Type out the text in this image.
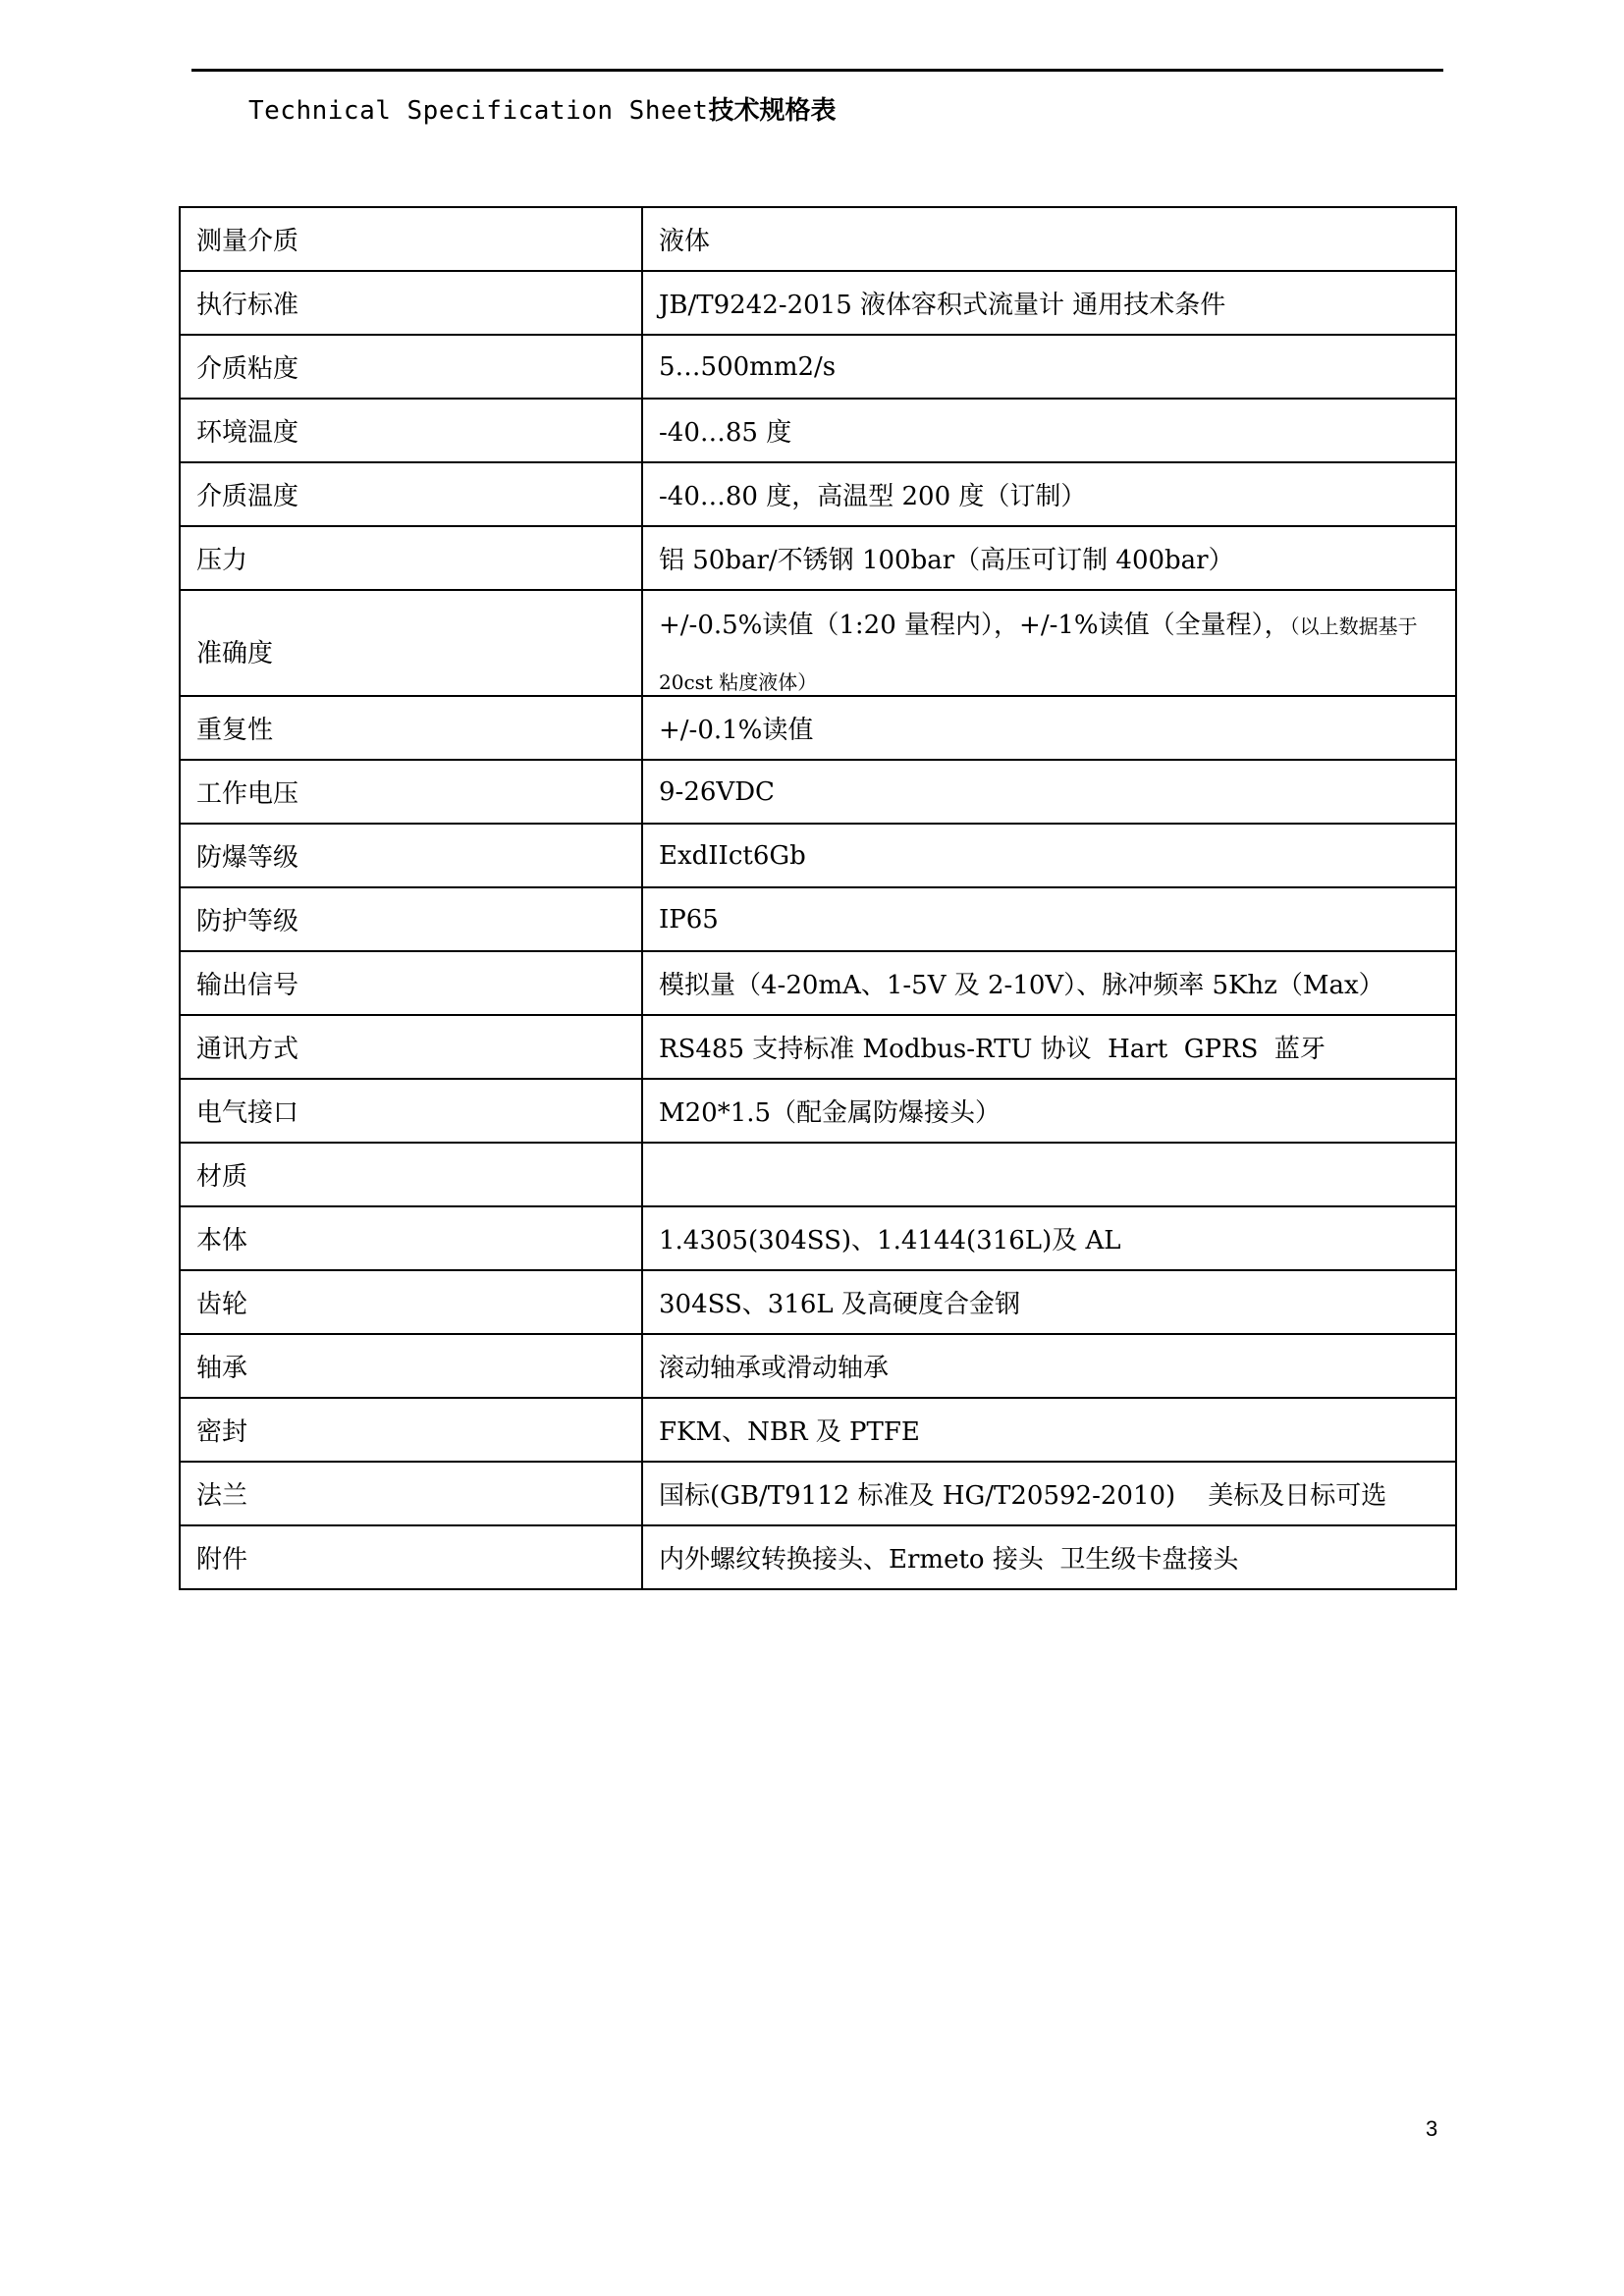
Technical Specification Sheet技术规格表
测量介质	液体
执行标准	JB/T9242-2015 液体容积式流量计 通用技术条件
介质粘度	5…500mm2/s
环境温度	-40…85 度
介质温度	-40…80 度，高温型 200 度（订制）
压力	铝 50bar/不锈钢 100bar（高压可订制 400bar）

准确度	+/-0.5%读值（1:20 量程内），+/-1%读值（全量程），（以上数据基于
20cst 粘度液体）

重复性	+/-0.1%读值
工作电压	9-26VDC
防爆等级	ExdIIct6Gb
防护等级	IP65
输出信号	模拟量（4-20mA、1-5V 及 2-10V）、脉冲频率 5Khz（Max）
通讯方式	RS485 支持标准 Modbus-RTU 协议  Hart  GPRS  蓝牙
电气接口	M20*1.5（配金属防爆接头）
材质	
本体	1.4305(304SS)、1.4144(316L)及 AL
齿轮	304SS、316L 及高硬度合金钢
轴承	滚动轴承或滑动轴承
密封	FKM、NBR 及 PTFE
法兰	国标(GB/T9112 标准及 HG/T20592-2010)    美标及日标可选
附件	内外螺纹转换接头、Ermeto 接头  卫生级卡盘接头
3
